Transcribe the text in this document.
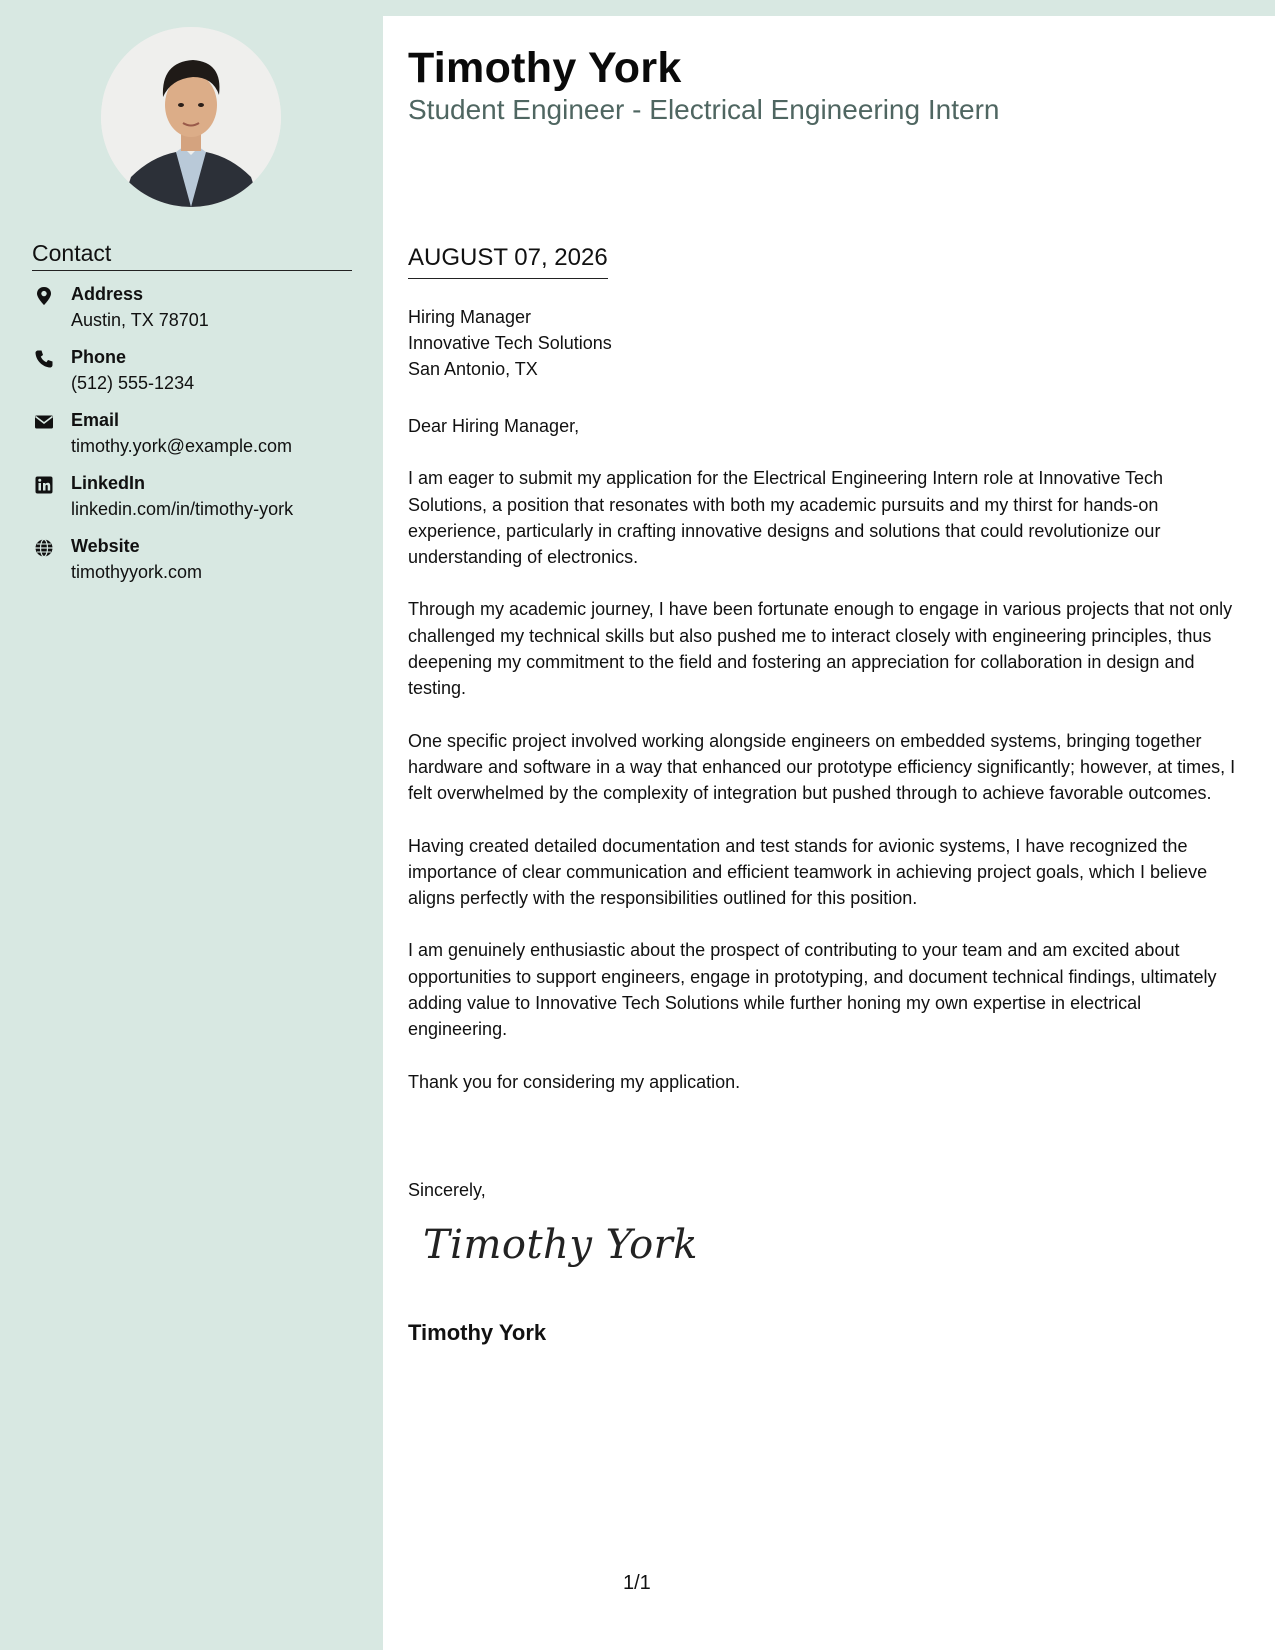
Contact
Address
Austin, TX 78701
Phone
(512) 555-1234
Email
timothy.york@example.com
LinkedIn
linkedin.com/in/timothy-york
Website
timothyyork.com
Timothy York
Student Engineer - Electrical Engineering Intern
AUGUST 07, 2026
Hiring Manager
Innovative Tech Solutions
San Antonio, TX

Dear Hiring Manager,

I am eager to submit my application for the Electrical Engineering Intern role at Innovative Tech Solutions, a position that resonates with both my academic pursuits and my thirst for hands-on experience, particularly in crafting innovative designs and solutions that could revolutionize our understanding of electronics.

Through my academic journey, I have been fortunate enough to engage in various projects that not only challenged my technical skills but also pushed me to interact closely with engineering principles, thus deepening my commitment to the field and fostering an appreciation for collaboration in design and testing.

One specific project involved working alongside engineers on embedded systems, bringing together hardware and software in a way that enhanced our prototype efficiency significantly; however, at times, I felt overwhelmed by the complexity of integration but pushed through to achieve favorable outcomes.

Having created detailed documentation and test stands for avionic systems, I have recognized the importance of clear communication and efficient teamwork in achieving project goals, which I believe aligns perfectly with the responsibilities outlined for this position.

I am genuinely enthusiastic about the prospect of contributing to your team and am excited about opportunities to support engineers, engage in prototyping, and document technical findings, ultimately adding value to Innovative Tech Solutions while further honing my own expertise in electrical engineering.

Thank you for considering my application.

Sincerely,
Timothy York
Timothy York
1/1
